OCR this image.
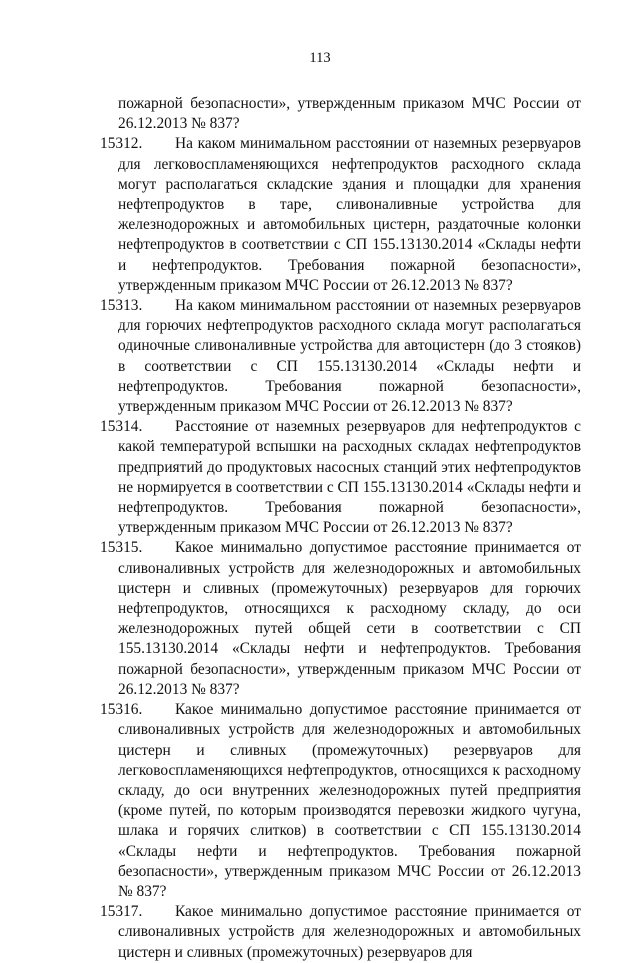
113
пожарной безопасности», утвержденным приказом МЧС России от 26.12.2013 № 837?
15312.	На каком минимальном расстоянии от наземных резервуаров для легковоспламеняющихся нефтепродуктов расходного склада могут располагаться складские здания и площадки для хранения нефтепродуктов в таре, сливоналивные устройства для железнодорожных и автомобильных цистерн, раздаточные колонки нефтепродуктов в соответствии с СП 155.13130.2014 «Склады нефти и нефтепродуктов. Требования пожарной безопасности», утвержденным приказом МЧС России от 26.12.2013 № 837?
15313.	На каком минимальном расстоянии от наземных резервуаров для горючих нефтепродуктов расходного склада могут располагаться одиночные сливоналивные устройства для автоцистерн (до 3 стояков) в соответствии с СП 155.13130.2014 «Склады нефти и нефтепродуктов. Требования пожарной безопасности», утвержденным приказом МЧС России от 26.12.2013 № 837?
15314.	Расстояние от наземных резервуаров для нефтепродуктов с какой температурой вспышки на расходных складах нефтепродуктов предприятий до продуктовых насосных станций этих нефтепродуктов не нормируется в соответствии с СП 155.13130.2014 «Склады нефти и нефтепродуктов. Требования пожарной безопасности», утвержденным приказом МЧС России от 26.12.2013 № 837?
15315.	Какое минимально допустимое расстояние принимается от сливоналивных устройств для железнодорожных и автомобильных цистерн и сливных (промежуточных) резервуаров для горючих нефтепродуктов, относящихся к расходному складу, до оси железнодорожных путей общей сети в соответствии с СП 155.13130.2014 «Склады нефти и нефтепродуктов. Требования пожарной безопасности», утвержденным приказом МЧС России от 26.12.2013 № 837?
15316.	Какое минимально допустимое расстояние принимается от сливоналивных устройств для железнодорожных и автомобильных цистерн и сливных (промежуточных) резервуаров для легковоспламеняющихся нефтепродуктов, относящихся к расходному складу, до оси внутренних железнодорожных путей предприятия (кроме путей, по которым производятся перевозки жидкого чугуна, шлака и горячих слитков) в соответствии с СП 155.13130.2014 «Склады нефти и нефтепродуктов. Требования пожарной безопасности», утвержденным приказом МЧС России от 26.12.2013 № 837?
15317.	Какое минимально допустимое расстояние принимается от сливоналивных устройств для железнодорожных и автомобильных цистерн и сливных (промежуточных) резервуаров для
